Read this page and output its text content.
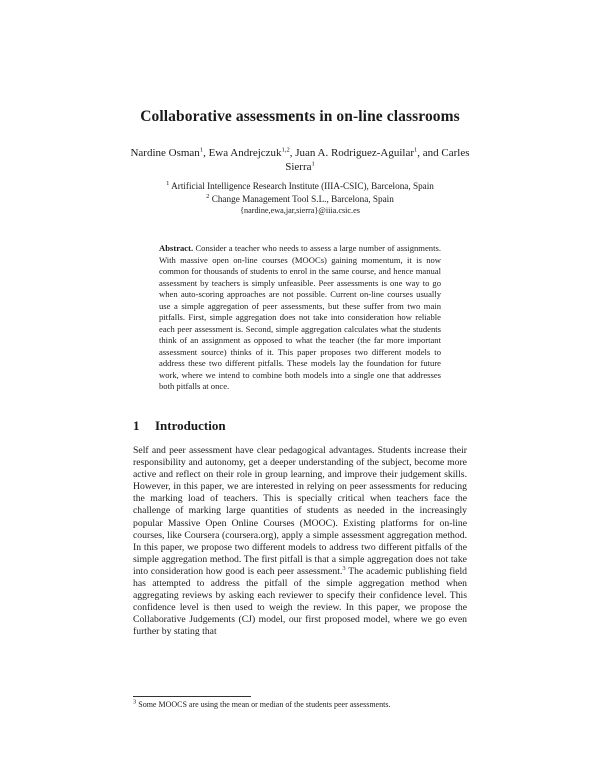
Collaborative assessments in on-line classrooms
Nardine Osman$^1$, Ewa Andrejczuk$^{1,2}$, Juan A. Rodriguez-Aguilar$^1$, and Carles Sierra$^1$
$^1$ Artificial Intelligence Research Institute (IIIA-CSIC), Barcelona, Spain
$^2$ Change Management Tool S.L., Barcelona, Spain
{nardine,ewa,jar,sierra}@iiia.csic.es
Abstract. Consider a teacher who needs to assess a large number of assignments. With massive open on-line courses (MOOCs) gaining momentum, it is now common for thousands of students to enrol in the same course, and hence manual assessment by teachers is simply unfeasible. Peer assessments is one way to go when auto-scoring approaches are not possible. Current on-line courses usually use a simple aggregation of peer assessments, but these suffer from two main pitfalls. First, simple aggregation does not take into consideration how reliable each peer assessment is. Second, simple aggregation calculates what the students think of an assignment as opposed to what the teacher (the far more important assessment source) thinks of it. This paper proposes two different models to address these two different pitfalls. These models lay the foundation for future work, where we intend to combine both models into a single one that addresses both pitfalls at once.
1 Introduction

Self and peer assessment have clear pedagogical advantages. Students increase their responsibility and autonomy, get a deeper understanding of the subject, become more active and reflect on their role in group learning, and improve their judgement skills. However, in this paper, we are interested in relying on peer assessments for reducing the marking load of teachers. This is specially critical when teachers face the challenge of marking large quantities of students as needed in the increasingly popular Massive Open Online Courses (MOOC). Existing platforms for on-line courses, like Coursera (coursera.org), apply a simple assessment aggregation method. In this paper, we propose two different models to address two different pitfalls of the simple aggregation method. The first pitfall is that a simple aggregation does not take into consideration how good is each peer assessment.$^3$ The academic publishing field has attempted to address the pitfall of the simple aggregation method when aggregating reviews by asking each reviewer to specify their confidence level. This confidence level is then used to weigh the review. In this paper, we propose the Collaborative Judgements (CJ) model, our first proposed model, where we go even further by stating that

$^3$ Some MOOCS are using the mean or median of the students peer assessments.
